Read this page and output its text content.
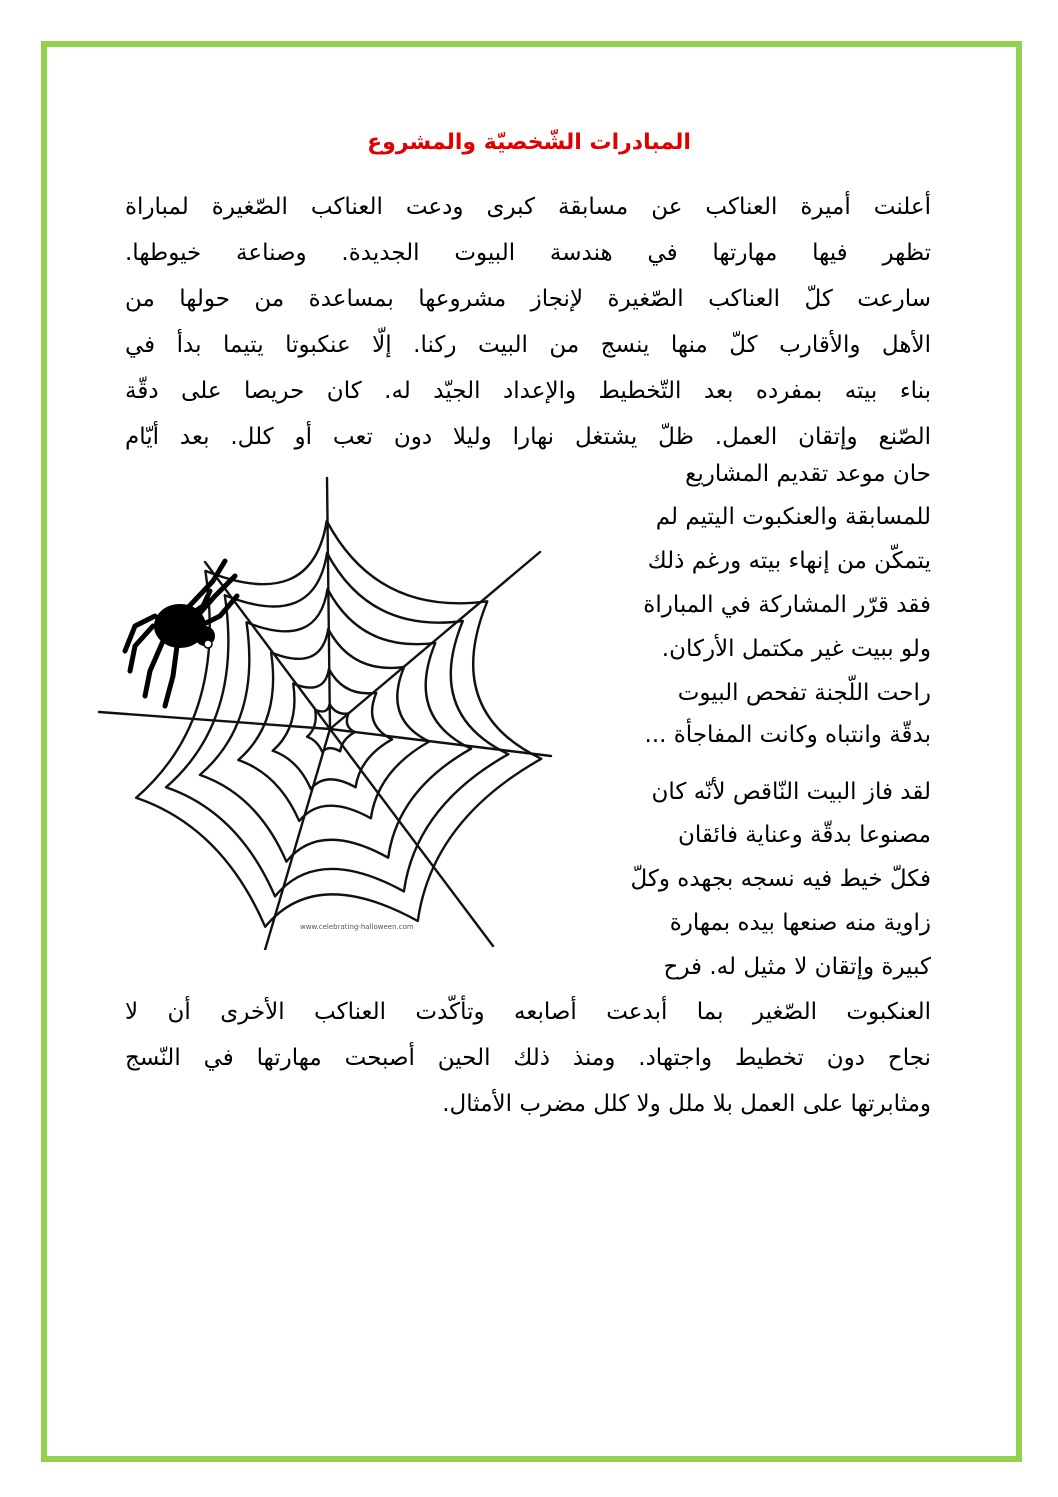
المبادرات الشّخصيّة والمشروع

أعلنت أميرة العناكب عن مسابقة كبرى ودعت العناكب الصّغيرة لمباراة

تظهر فيها مهارتها في هندسة البيوت الجديدة. وصناعة خيوطها.

سارعت كلّ العناكب الصّغيرة لإنجاز مشروعها بمساعدة من حولها من

الأهل والأقارب كلّ منها ينسج من البيت ركنا. إلّا عنكبوتا يتيما بدأ في

بناء بيته بمفرده بعد التّخطيط والإعداد الجيّد له. كان حريصا على دقّة

الصّنع وإتقان العمل. ظلّ يشتغل نهارا وليلا دون تعب أو كلل. بعد أيّام

حان موعد تقديم المشاريع

للمسابقة والعنكبوت اليتيم لم

يتمكّن من إنهاء بيته ورغم ذلك

فقد قرّر المشاركة في المباراة

ولو ببيت غير مكتمل الأركان.

راحت اللّجنة تفحص البيوت

بدقّة وانتباه وكانت المفاجأة ...

لقد فاز البيت النّاقص لأنّه كان

مصنوعا بدقّة وعناية فائقان

فكلّ خيط فيه نسجه بجهده وكلّ

زاوية منه صنعها بيده بمهارة

كبيرة وإتقان لا مثيل له. فرح

العنكبوت الصّغير بما أبدعت أصابعه وتأكّدت العناكب الأخرى أن لا

نجاح دون تخطيط واجتهاد. ومنذ ذلك الحين أصبحت مهارتها في النّسج

ومثابرتها على العمل بلا ملل ولا كلل مضرب الأمثال.

www.celebrating-halloween.com
